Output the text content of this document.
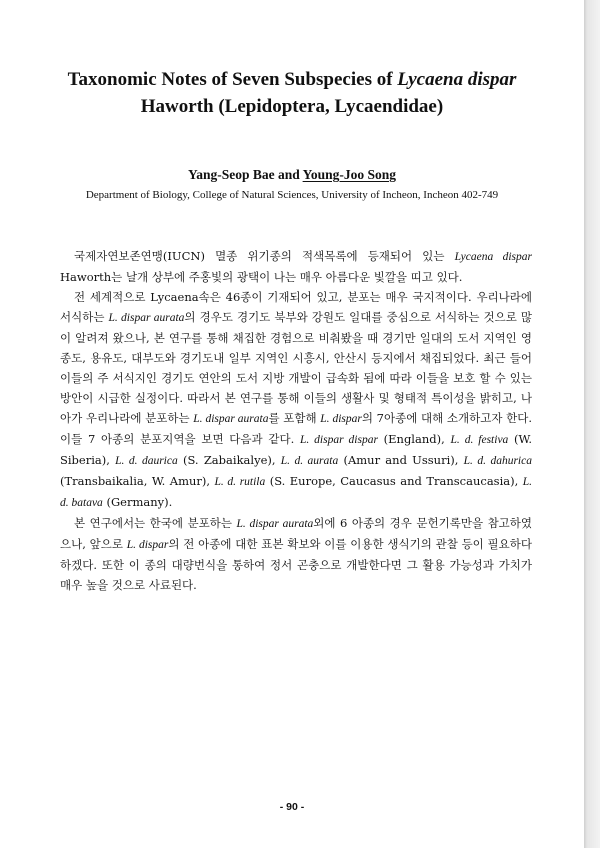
Taxonomic Notes of Seven Subspecies of Lycaena dispar
Haworth (Lepidoptera, Lycaendidae)

Yang-Seop Bae and Young-Joo Song

Department of Biology, College of Natural Sciences, University of Incheon, Incheon 402-749

국제자연보존연맹(IUCN) 멸종 위기종의 적색목록에 등재되어 있는 Lycaena dispar Haworth는 날개 상부에 주홍빛의 광택이 나는 매우 아름다운 빛깔을 띠고 있다.

전 세계적으로 Lycaena속은 46종이 기재되어 있고, 분포는 매우 국지적이다. 우리나라에 서식하는 L. dispar aurata의 경우도 경기도 북부와 강원도 일대를 중심으로 서식하는 것으로 많이 알려져 왔으나, 본 연구를 통해 채집한 경험으로 비춰봤을 때 경기만 일대의 도서 지역인 영종도, 용유도, 대부도와 경기도내 일부 지역인 시흥시, 안산시 등지에서 채집되었다. 최근 들어 이들의 주 서식지인 경기도 연안의 도서 지방 개발이 급속화 됨에 따라 이들을 보호 할 수 있는 방안이 시급한 실정이다. 따라서 본 연구를 통해 이들의 생활사 및 형태적 특이성을 밝히고, 나아가 우리나라에 분포하는 L. dispar aurata를 포함해 L. dispar의 7아종에 대해 소개하고자 한다. 이들 7 아종의 분포지역을 보면 다음과 같다. L. dispar dispar (England), L. d. festiva (W. Siberia), L. d. daurica (S. Zabaikalye), L. d. aurata (Amur and Ussuri), L. d. dahurica (Transbaikalia, W. Amur), L. d. rutila (S. Europe, Caucasus and Transcaucasia), L. d. batava (Germany).

본 연구에서는 한국에 분포하는 L. dispar aurata외에 6 아종의 경우 문헌기록만을 참고하였으나, 앞으로 L. dispar의 전 아종에 대한 표본 확보와 이를 이용한 생식기의 관찰 등이 필요하다 하겠다. 또한 이 종의 대량번식을 통하여 정서 곤충으로 개발한다면 그 활용 가능성과 가치가 매우 높을 것으로 사료된다.

- 90 -
